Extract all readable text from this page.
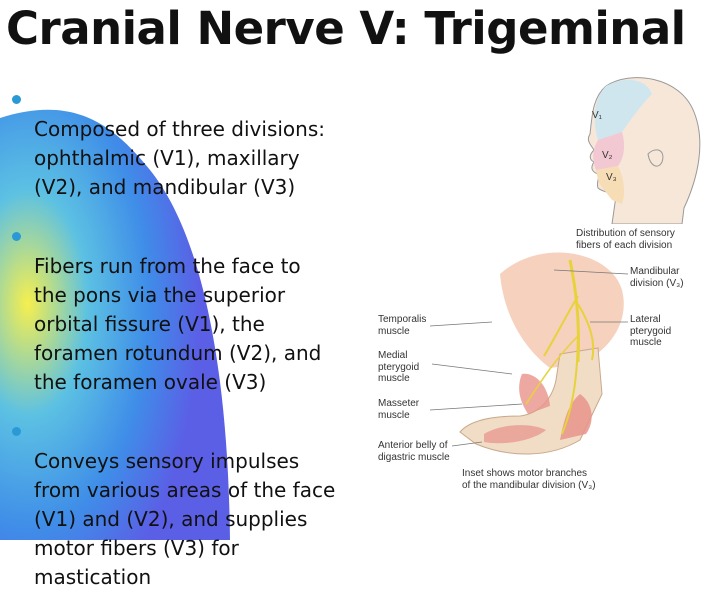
Cranial Nerve V: Trigeminal

Composed of three divisions:
ophthalmic (V1), maxillary
(V2), and mandibular (V3)

Fibers run from the face to
the pons via the superior
orbital fissure (V1), the
foramen rotundum (V2), and
the foramen ovale (V3)

Conveys sensory impulses
from various areas of the face
(V1) and (V2), and supplies
motor fibers (V3) for
mastication

V₁
V₂
V₃
Distribution of sensory
fibers of each division
Mandibular
division (V₃)
Temporalis
muscle
Lateral
pterygoid
muscle
Medial
pterygoid
muscle
Masseter
muscle
Anterior belly of
digastric muscle
Inset shows motor branches
of the mandibular division (V₃)
